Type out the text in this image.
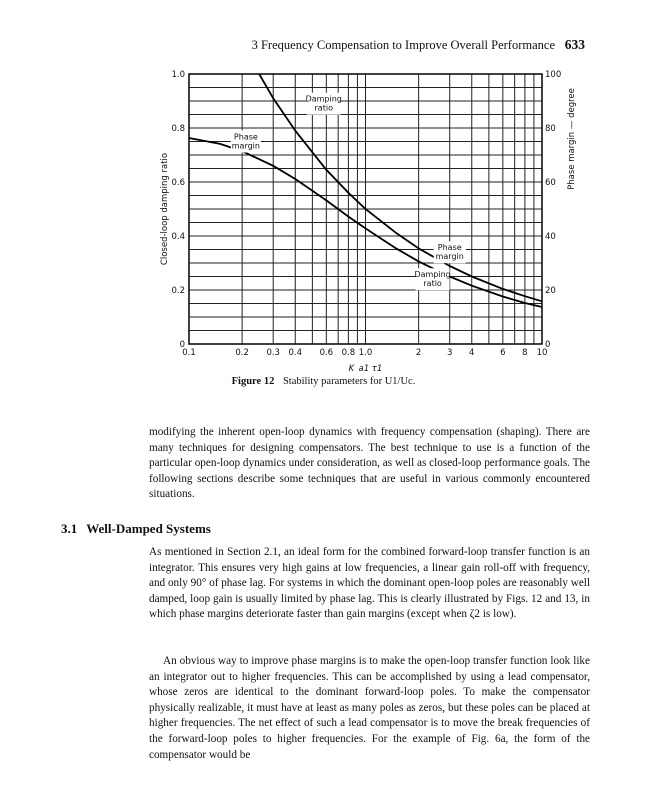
3 Frequency Compensation to Improve Overall Performance 633
0.1	0.2 0.3 0.4 0.6 0.8 1.0	2	3 4	6 8 10
0
0.2
0.4
0.6
0.8
1.0
0
20
40
60
80
100
K_a1 τ1
Closed-loop damping ratio
Phase margin — degree
Damping
ratio
Phase
margin
Phase
margin
Damping
ratio
Figure 12 Stability parameters for U1/Uc.

modifying the inherent open-loop dynamics with frequency compensation (shaping). There are many techniques for designing compensators. The best technique to use is a function of the particular open-loop dynamics under consideration, as well as closed-loop performance goals. The following sections describe some techniques that are useful in various commonly encountered situations.

3.1 Well-Damped Systems

As mentioned in Section 2.1, an ideal form for the combined forward-loop transfer function is an integrator. This ensures very high gains at low frequencies, a linear gain roll-off with frequency, and only 90° of phase lag. For systems in which the dominant open-loop poles are reasonably well damped, loop gain is usually limited by phase lag. This is clearly illustrated by Figs. 12 and 13, in which phase margins deteriorate faster than gain margins (except when ζ2 is low).

An obvious way to improve phase margins is to make the open-loop transfer function look like an integrator out to higher frequencies. This can be accomplished by using a lead compensator, whose zeros are identical to the dominant forward-loop poles. To make the compensator physically realizable, it must have at least as many poles as zeros, but these poles can be placed at higher frequencies. The net effect of such a lead compensator is to move the break frequencies of the forward-loop poles to higher frequencies. For the example of Fig. 6a, the form of the compensator would be
